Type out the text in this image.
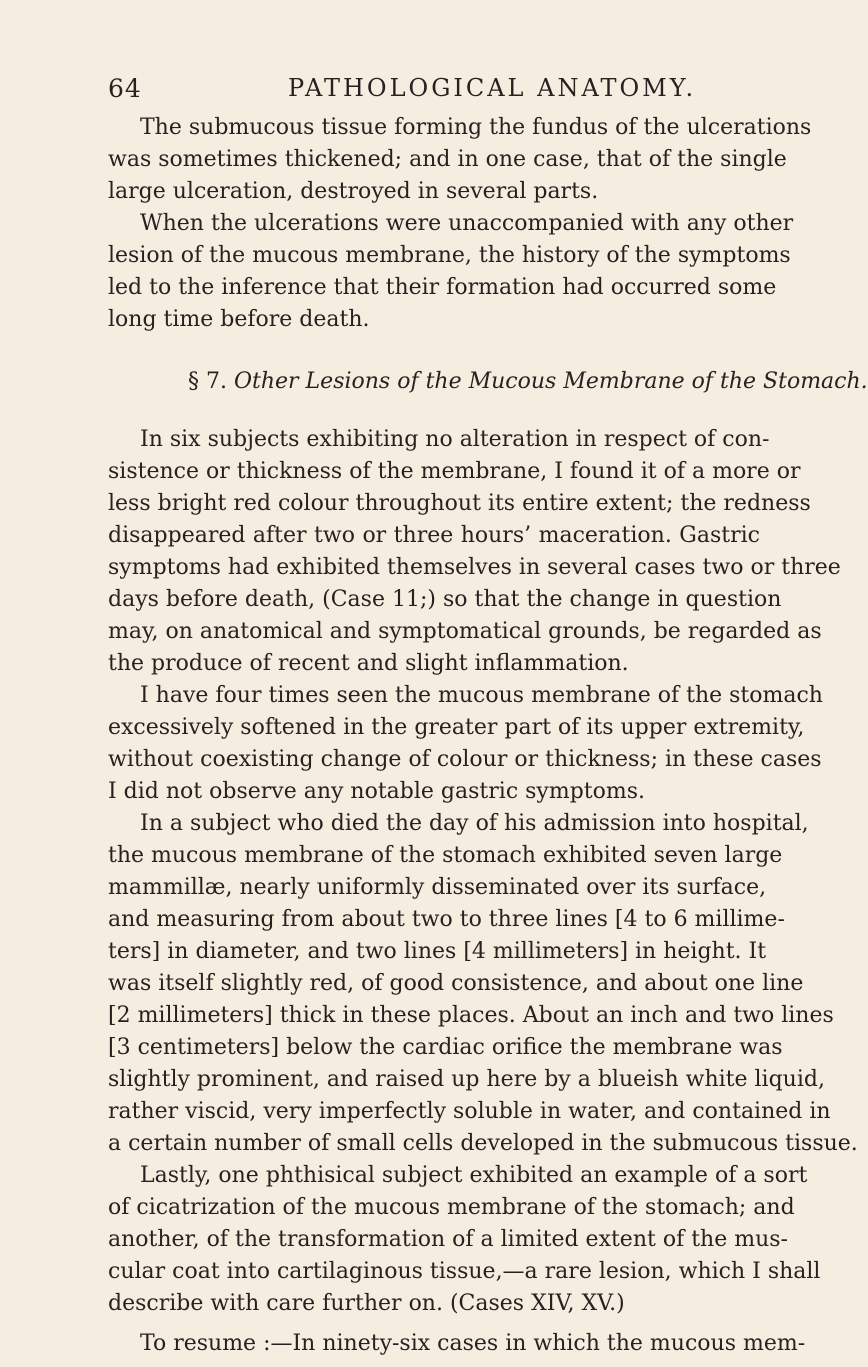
64	PATHOLOGICAL ANATOMY.
The submucous tissue forming the fundus of the ulcerations
was sometimes thickened; and in one case, that of the single
large ulceration, destroyed in several parts.
When the ulcerations were unaccompanied with any other
lesion of the mucous membrane, the history of the symptoms
led to the inference that their formation had occurred some
long time before death.
§ 7. Other Lesions of the Mucous Membrane of the Stomach.
In six subjects exhibiting no alteration in respect of con-
sistence or thickness of the membrane, I found it of a more or
less bright red colour throughout its entire extent; the redness
disappeared after two or three hours’ maceration. Gastric
symptoms had exhibited themselves in several cases two or three
days before death, (Case 11;) so that the change in question
may, on anatomical and symptomatical grounds, be regarded as
the produce of recent and slight inflammation.
I have four times seen the mucous membrane of the stomach
excessively softened in the greater part of its upper extremity,
without coexisting change of colour or thickness; in these cases
I did not observe any notable gastric symptoms.
In a subject who died the day of his admission into hospital,
the mucous membrane of the stomach exhibited seven large
mammillæ, nearly uniformly disseminated over its surface,
and measuring from about two to three lines [4 to 6 millime-
ters] in diameter, and two lines [4 millimeters] in height. It
was itself slightly red, of good consistence, and about one line
[2 millimeters] thick in these places. About an inch and two lines
[3 centimeters] below the cardiac orifice the membrane was
slightly prominent, and raised up here by a blueish white liquid,
rather viscid, very imperfectly soluble in water, and contained in
a certain number of small cells developed in the submucous tissue.
Lastly, one phthisical subject exhibited an example of a sort
of cicatrization of the mucous membrane of the stomach; and
another, of the transformation of a limited extent of the mus-
cular coat into cartilaginous tissue,—a rare lesion, which I shall
describe with care further on. (Cases XIV, XV.)
To resume :—In ninety-six cases in which the mucous mem-
